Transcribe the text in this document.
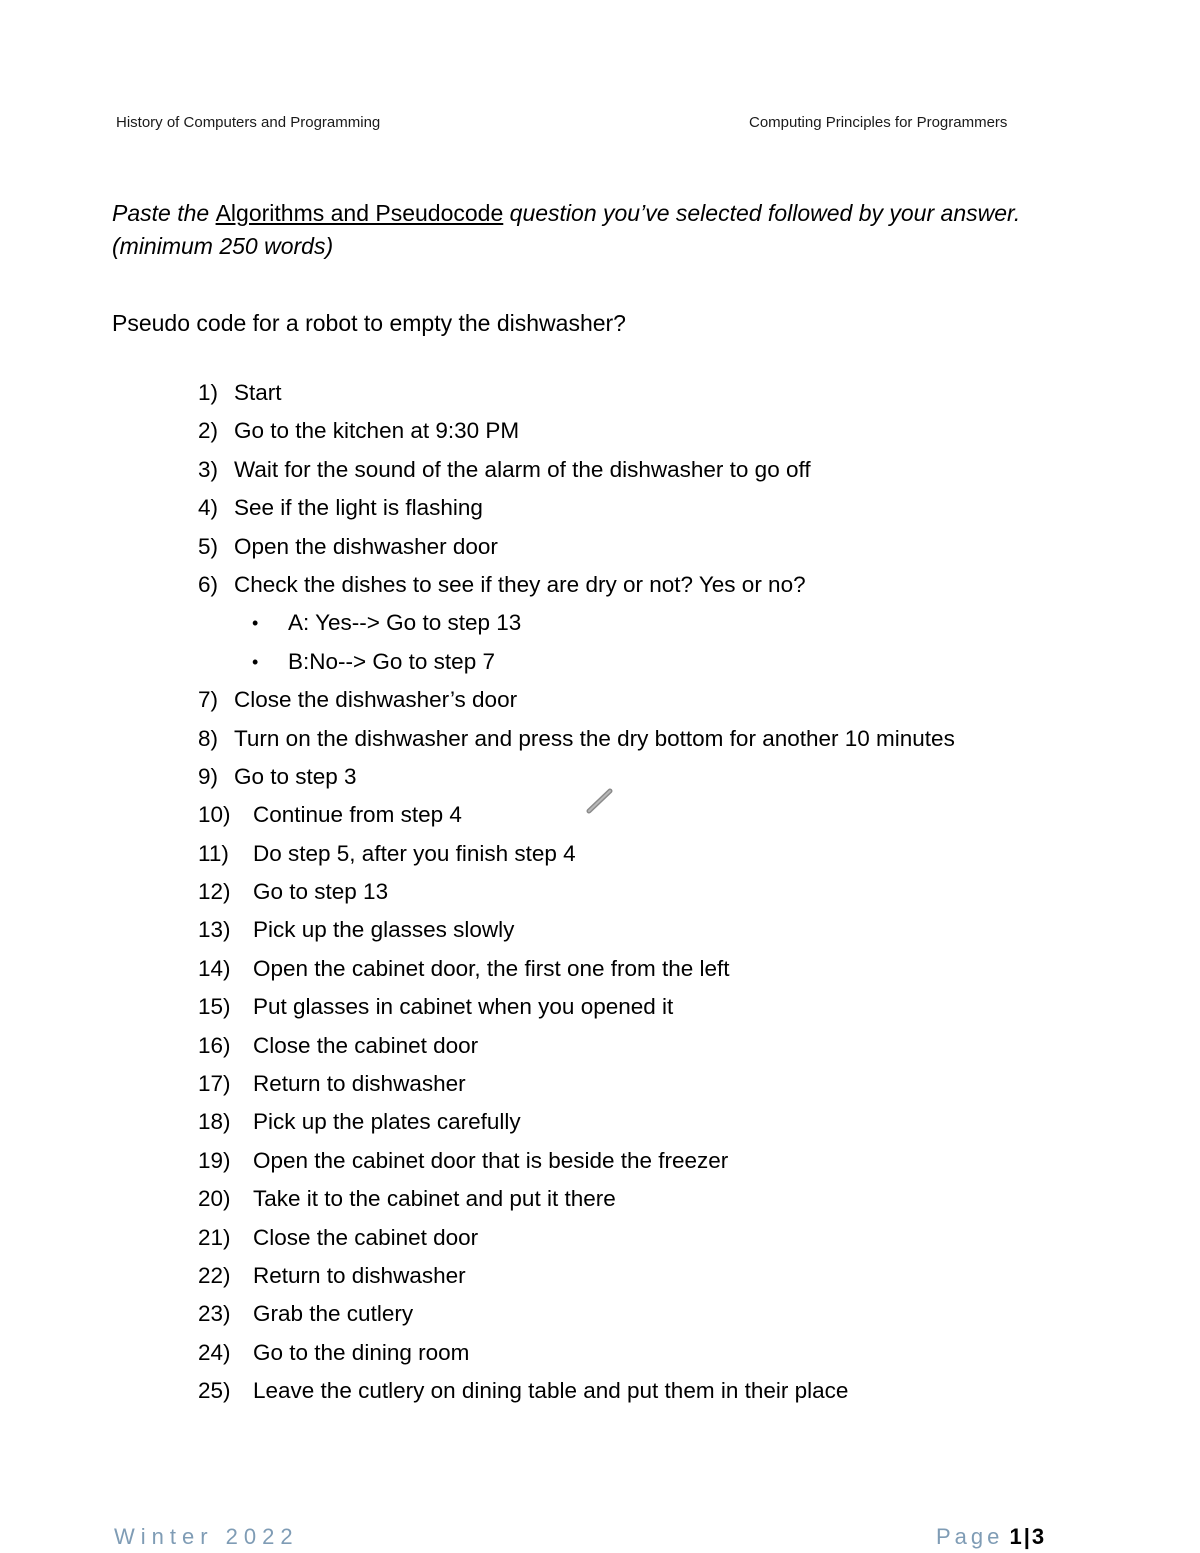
History of Computers and Programming	Computing Principles for Programmers
Paste the Algorithms and Pseudocode question you’ve selected followed by your answer. (minimum 250 words)
Pseudo code for a robot to empty the dishwasher?
1) Start
2) Go to the kitchen at 9:30 PM
3) Wait for the sound of the alarm of the dishwasher to go off
4) See if the light is flashing
5) Open the dishwasher door
6) Check the dishes to see if they are dry or not? Yes or no?
• A: Yes--> Go to step 13
• B:No--> Go to step 7
7) Close the dishwasher’s door
8) Turn on the dishwasher and press the dry bottom for another 10 minutes
9) Go to step 3
10) Continue from step 4
11) Do step 5, after you finish step 4
12) Go to step 13
13) Pick up the glasses slowly
14) Open the cabinet door, the first one from the left
15) Put glasses in cabinet when you opened it
16) Close the cabinet door
17) Return to dishwasher
18) Pick up the plates carefully
19) Open the cabinet door that is beside the freezer
20) Take it to the cabinet and put it there
21) Close the cabinet door
22) Return to dishwasher
23) Grab the cutlery
24) Go to the dining room
25) Leave the cutlery on dining table and put them in their place
Winter 2022	Page 1|3
